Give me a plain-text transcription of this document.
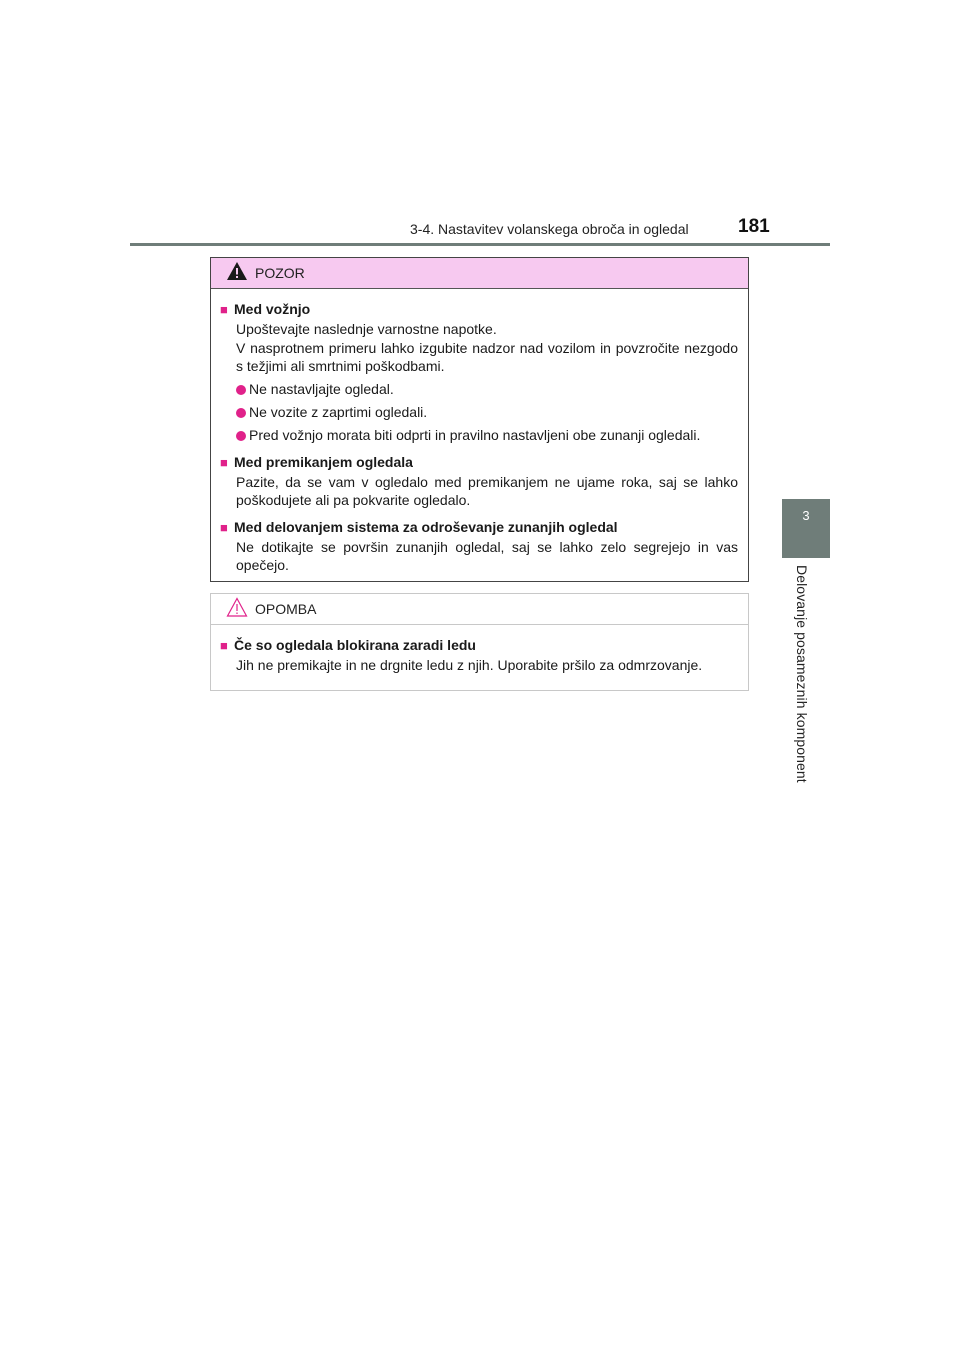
3-4. Nastavitev volanskega obroča in ogledal	181
3
Delovanje posameznih komponent
POZOR
■ Med vožnjo
Upoštevajte naslednje varnostne napotke.
V nasprotnem primeru lahko izgubite nadzor nad vozilom in povzročite nezgodo s težjimi ali smrtnimi poškodbami.
Ne nastavljajte ogledal.
Ne vozite z zaprtimi ogledali.
Pred vožnjo morata biti odprti in pravilno nastavljeni obe zunanji ogledali.
■ Med premikanjem ogledala
Pazite, da se vam v ogledalo med premikanjem ne ujame roka, saj se lahko poškodujete ali pa pokvarite ogledalo.
■ Med delovanjem sistema za odroševanje zunanjih ogledal
Ne dotikajte se površin zunanjih ogledal, saj se lahko zelo segrejejo in vas opečejo.
OPOMBA
■ Če so ogledala blokirana zaradi ledu
Jih ne premikajte in ne drgnite ledu z njih. Uporabite pršilo za odmrzovanje.
